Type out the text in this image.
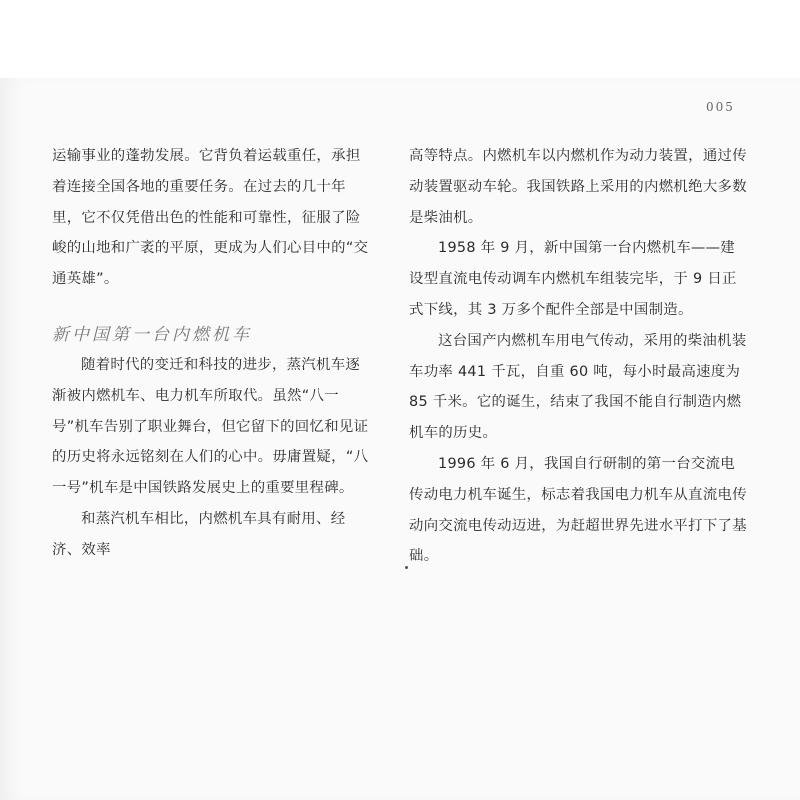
005

运输事业的蓬勃发展。它背负着运载重任，承担着连接全国各地的重要任务。在过去的几十年里，它不仅凭借出色的性能和可靠性，征服了险峻的山地和广袤的平原，更成为人们心目中的“交通英雄”。

新中国第一台内燃机车

随着时代的变迁和科技的进步，蒸汽机车逐渐被内燃机车、电力机车所取代。虽然“八一号”机车告别了职业舞台，但它留下的回忆和见证的历史将永远铭刻在人们的心中。毋庸置疑，“八一号”机车是中国铁路发展史上的重要里程碑。

和蒸汽机车相比，内燃机车具有耐用、经济、效率

高等特点。内燃机车以内燃机作为动力装置，通过传动装置驱动车轮。我国铁路上采用的内燃机绝大多数是柴油机。

1958 年 9 月，新中国第一台内燃机车——建设型直流电传动调车内燃机车组装完毕，于 9 日正式下线，其 3 万多个配件全部是中国制造。

这台国产内燃机车用电气传动，采用的柴油机装车功率 441 千瓦，自重 60 吨，每小时最高速度为 85 千米。它的诞生，结束了我国不能自行制造内燃机车的历史。

1996 年 6 月，我国自行研制的第一台交流电传动电力机车诞生，标志着我国电力机车从直流电传动向交流电传动迈进，为赶超世界先进水平打下了基础。
